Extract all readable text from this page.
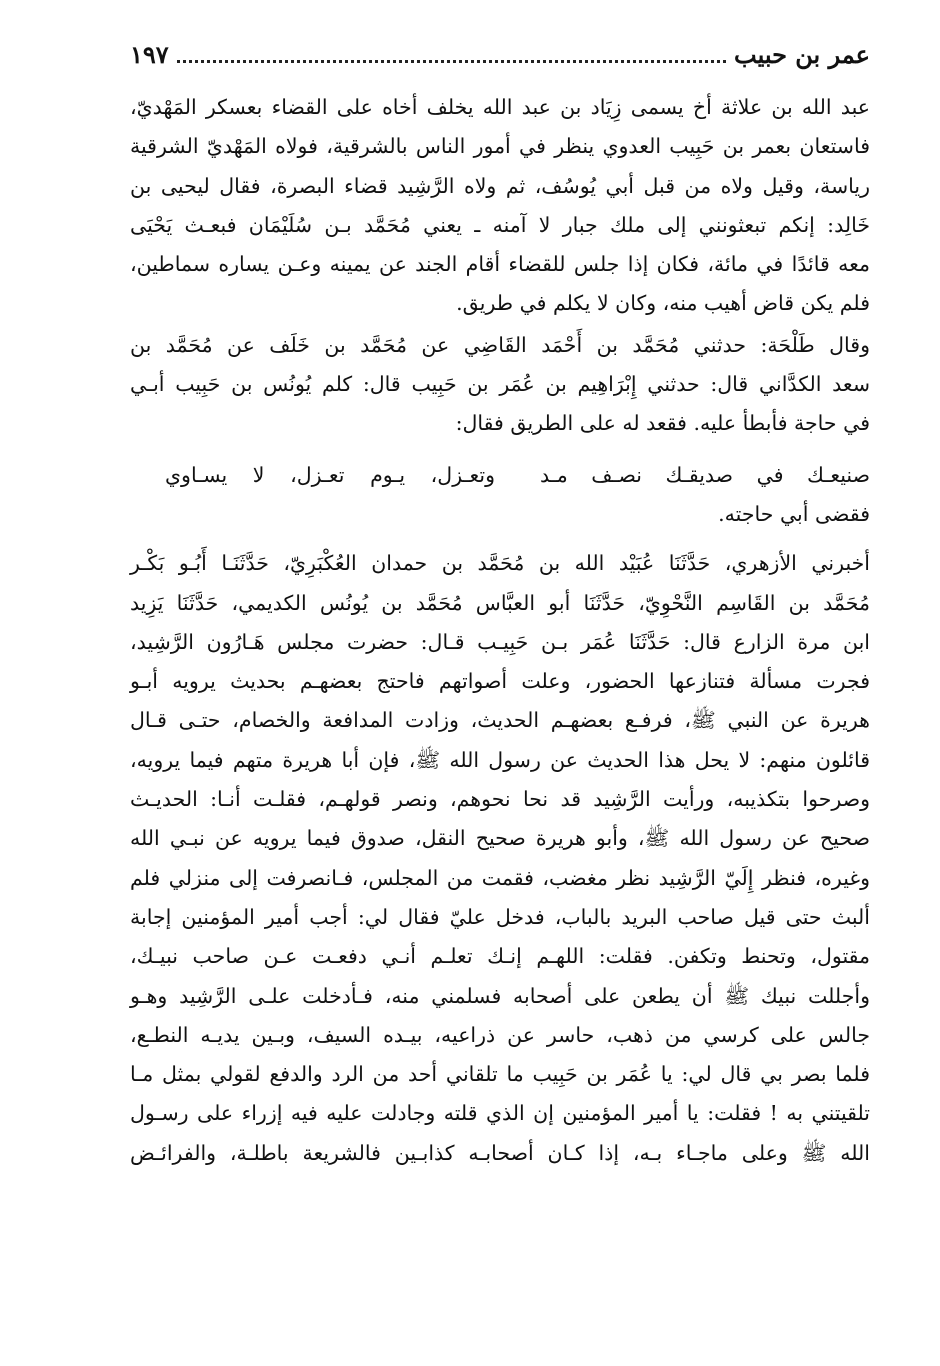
عمر بن حبيب
١٩٧

عبد الله بن علاثة أخ يسمى زِيَاد بن عبد الله يخلف أخاه على القضاء بعسكر المَهْديّ،
فاستعان بعمر بن حَبِيب العدوي ينظر في أمور الناس بالشرقية، فولاه المَهْديّ الشرقية
رياسة، وقيل ولاه من قبل أبي يُوسُف، ثم ولاه الرَّشِيد قضاء البصرة، فقال ليحيى بن
خَالِد: إنكم تبعثونني إلى ملك جبار لا آمنه ـ يعني مُحَمَّد بـن سُلَيْمَان فبعـث يَحْيَى
معه قائدًا في مائة، فكان إذا جلس للقضاء أقام الجند عن يمينه وعـن يساره سماطين،
فلم يكن قاض أهيب منه، وكان لا يكلم في طريق.

وقال طَلْحَة: حدثني مُحَمَّد بن أَحْمَد القَاضِي عن مُحَمَّد بن خَلَف عن مُحَمَّد بن
سعد الكدَّاني قال: حدثني إِبْرَاهِيم بن عُمَر بن حَبِيب قال: كلم يُونُس بن حَبِيب أبـي
في حاجة فأبطأ عليه. فقعد له على الطريق فقال:

صنيعـك في صديقـك نصـف مـد
وتعـزل، يـوم تعـزل، لا يسـاوي

فقضى أبي حاجته.

أخبرني الأزهري، حَدَّثَنَا عُبَيْد الله بن مُحَمَّد بن حمدان العُكْبَرِيّ، حَدَّثَنَـا أَبُـو بَكْـر
مُحَمَّد بن القَاسِم النَّحْوِيّ، حَدَّثَنَا أبو العبَّاس مُحَمَّد بن يُونُس الكديمي، حَدَّثَنَا يَزِيد
ابن مرة الزارع قال: حَدَّثَنَا عُمَر بـن حَبِيـب قـال: حضرت مجلس هَـارُون الرَّشِيد،
فجرت مسألة فتنازعها الحضور، وعلت أصواتهم فاحتج بعضهـم بحديث يرويه أبـو
هريرة عن النبي ﷺ، فرفـع بعضهـم الحديث، وزادت المدافعة والخصام، حتـى قـال
قائلون منهم: لا يحل هذا الحديث عن رسول الله ﷺ، فإن أبا هريرة متهم فيما يرويه،
وصرحوا بتكذيبه، ورأيت الرَّشِيد قد نحا نحوهم، ونصر قولهـم، فقلـت أنـا: الحديـث
صحيح عن رسول الله ﷺ، وأبو هريرة صحيح النقل، صدوق فيما يرويه عن نبـي الله
وغيره، فنظر إِلَيّ الرَّشِيد نظر مغضب، فقمت من المجلس، فـانصرفت إلى منزلي فلم
ألبث حتى قيل صاحب البريد بالباب، فدخل عليّ فقال لي: أجب أمير المؤمنين إجابة
مقتول، وتحنط وتكفن. فقلت: اللهـم إنـك تعلـم أنـي دفعـت عـن صاحب نبيـك،
وأجللت نبيك ﷺ أن يطعن على أصحابه فسلمني منه، فـأدخلت علـى الرَّشِيد وهـو
جالس على كرسي من ذهب، حاسر عن ذراعيه، بيـده السيف، وبـين يديـه النطـع،
فلما بصر بي قال لي: يا عُمَر بن حَبِيب ما تلقاني أحد من الرد والدفع لقولي بمثل مـا
تلقيتني به ! فقلت: يا أمير المؤمنين إن الذي قلته وجادلت عليه فيه إزراء على رسـول
الله ﷺ وعلى ماجـاء بـه، إذا كـان أصحابـه كذابـين فالشريعة باطلـة، والفرائـض
